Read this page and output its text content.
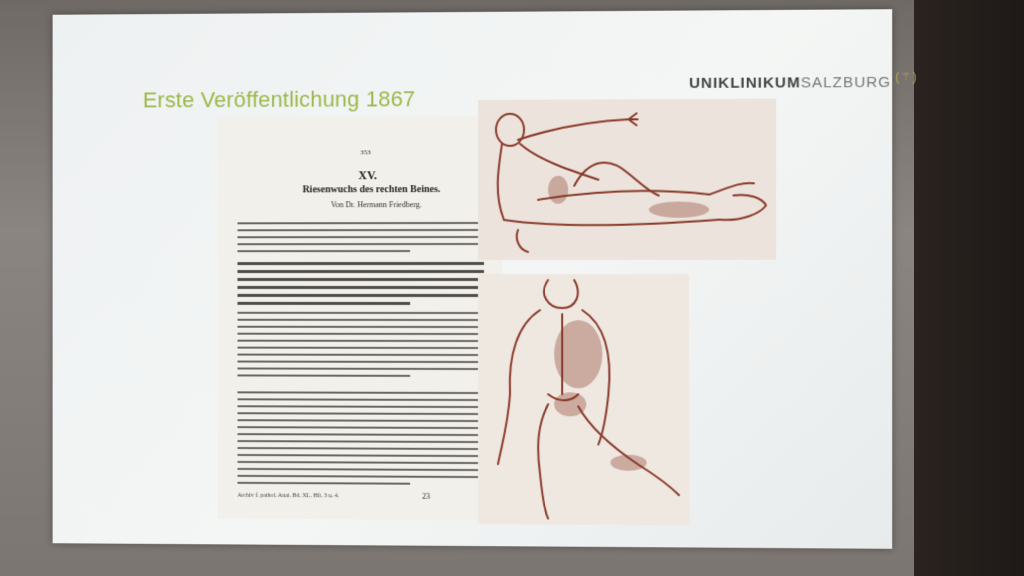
Erste Veröffentlichung 1867
UNIKLINIKUMSALZBURG (⚚)
353
XV.
Riesenwuchs des rechten Beines.
Von Dr. Hermann Friedberg.
Archiv f. pathol. Anat. Bd. XL. Hft. 3 u. 4.	23
